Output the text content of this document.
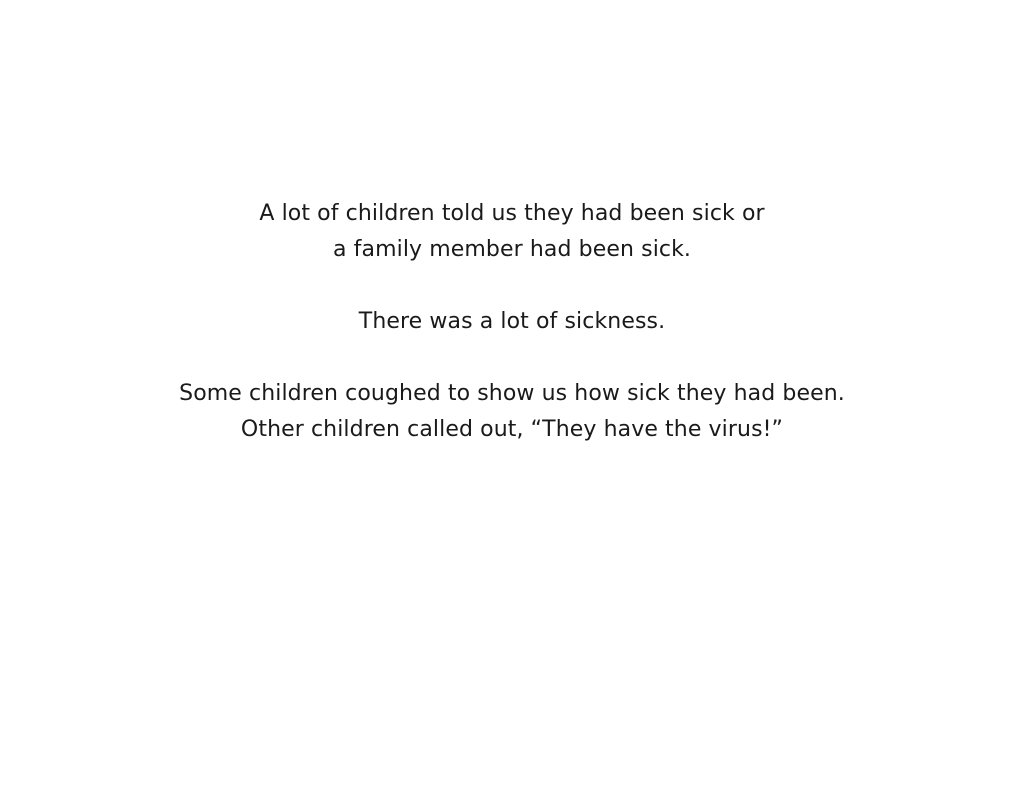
A lot of children told us they had been sick or
a family member had been sick.
There was a lot of sickness.
Some children coughed to show us how sick they had been.
Other children called out, “They have the virus!”
